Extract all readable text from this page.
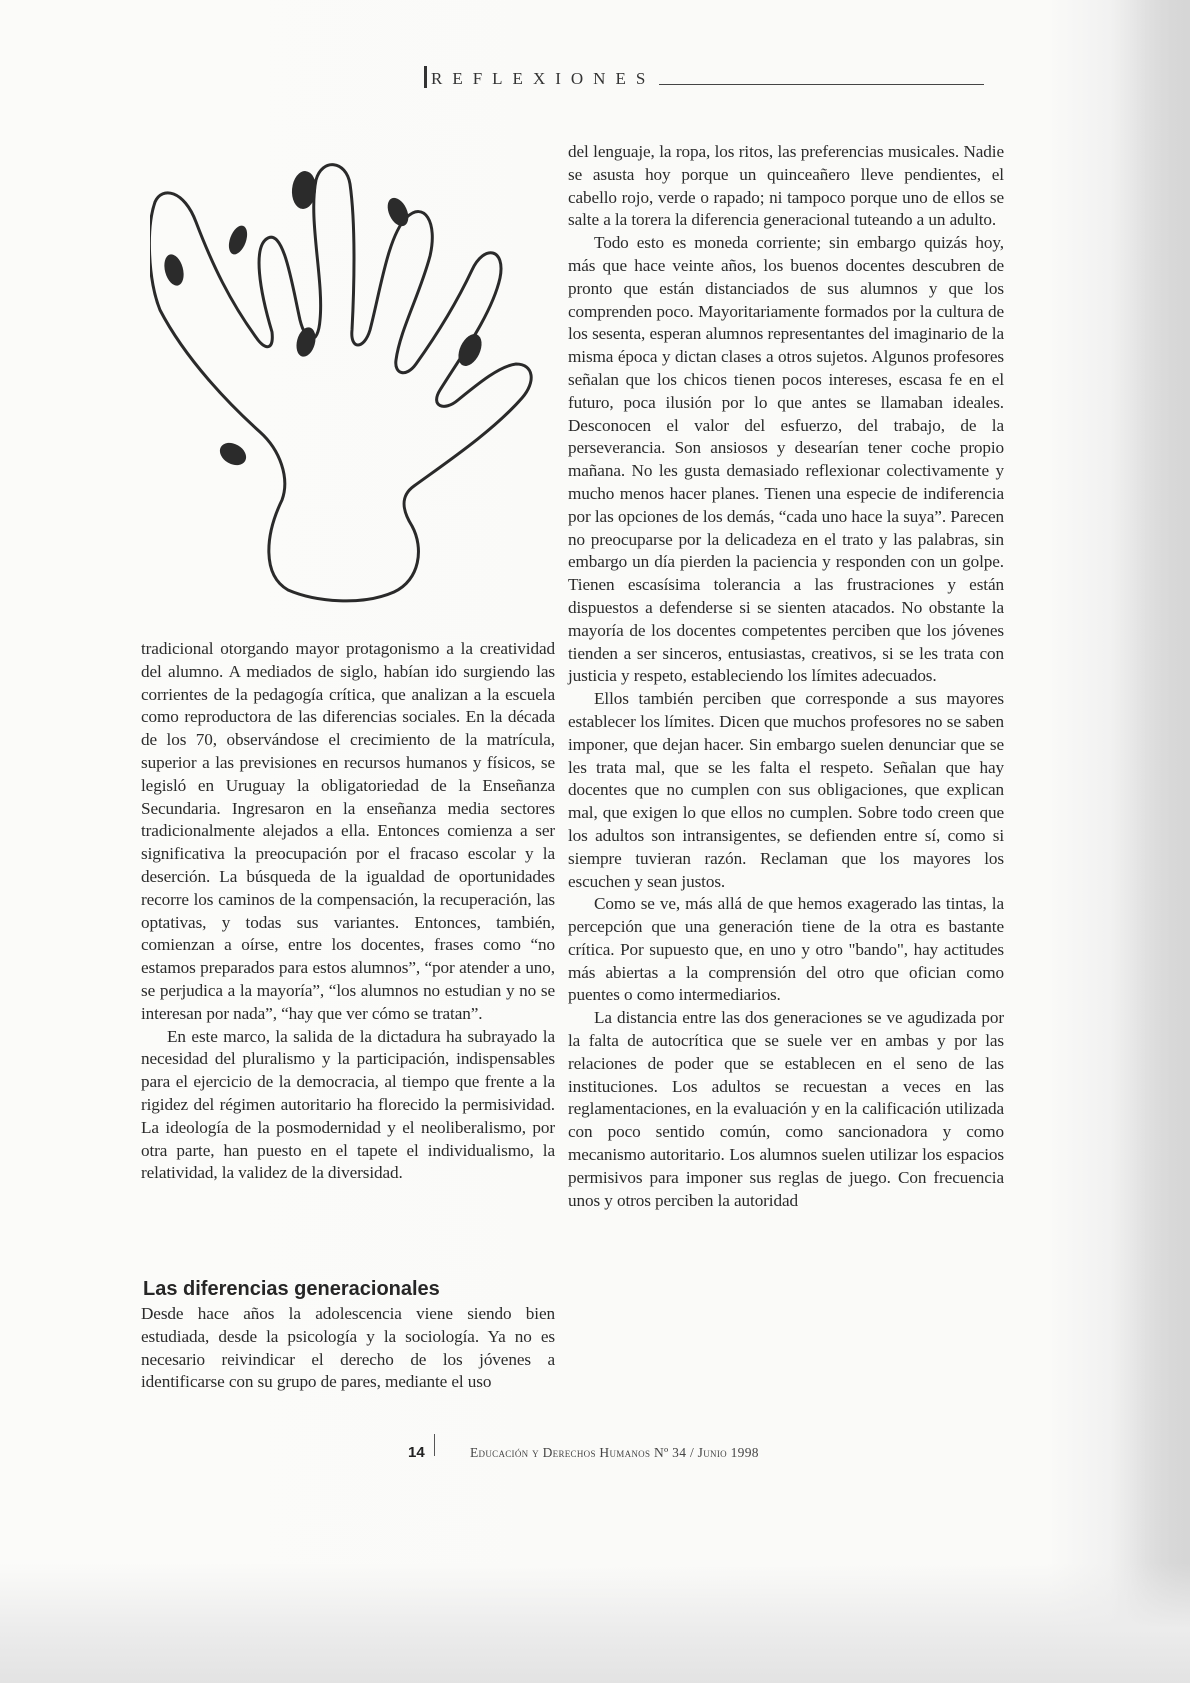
REFLEXIONES

tradicional otorgando mayor protagonismo a la creatividad del alumno. A mediados de siglo, habían ido surgiendo las corrientes de la pedagogía crítica, que analizan a la escuela como reproductora de las diferencias sociales. En la década de los 70, observándose el crecimiento de la matrícula, superior a las previsiones en recursos humanos y físicos, se legisló en Uruguay la obligatoriedad de la Enseñanza Secundaria. Ingresaron en la enseñanza media sectores tradicionalmente alejados a ella. Entonces comienza a ser significativa la preocupación por el fracaso escolar y la deserción. La búsqueda de la igualdad de oportunidades recorre los caminos de la compensación, la recuperación, las optativas, y todas sus variantes. Entonces, también, comienzan a oírse, entre los docentes, frases como “no estamos preparados para estos alumnos”, “por atender a uno, se perjudica a la mayoría”, “los alumnos no estudian y no se interesan por nada”, “hay que ver cómo se tratan”.

En este marco, la salida de la dictadura ha subrayado la necesidad del pluralismo y la participación, indispensables para el ejercicio de la democracia, al tiempo que frente a la rigidez del régimen autoritario ha florecido la permisividad. La ideología de la posmodernidad y el neoliberalismo, por otra parte, han puesto en el tapete el individualismo, la relatividad, la validez de la diversidad.

Las diferencias generacionales

Desde hace años la adolescencia viene siendo bien estudiada, desde la psicología y la sociología. Ya no es necesario reivindicar el derecho de los jóvenes a identificarse con su grupo de pares, mediante el uso

del lenguaje, la ropa, los ritos, las preferencias musicales. Nadie se asusta hoy porque un quinceañero lleve pendientes, el cabello rojo, verde o rapado; ni tampoco porque uno de ellos se salte a la torera la diferencia generacional tuteando a un adulto.

Todo esto es moneda corriente; sin embargo quizás hoy, más que hace veinte años, los buenos docentes descubren de pronto que están distanciados de sus alumnos y que los comprenden poco. Mayoritariamente formados por la cultura de los sesenta, esperan alumnos representantes del imaginario de la misma época y dictan clases a otros sujetos. Algunos profesores señalan que los chicos tienen pocos intereses, escasa fe en el futuro, poca ilusión por lo que antes se llamaban ideales. Desconocen el valor del esfuerzo, del trabajo, de la perseverancia. Son ansiosos y desearían tener coche propio mañana. No les gusta demasiado reflexionar colectivamente y mucho menos hacer planes. Tienen una especie de indiferencia por las opciones de los demás, “cada uno hace la suya”. Parecen no preocuparse por la delicadeza en el trato y las palabras, sin embargo un día pierden la paciencia y responden con un golpe. Tienen escasísima tolerancia a las frustraciones y están dispuestos a defenderse si se sienten atacados. No obstante la mayoría de los docentes competentes perciben que los jóvenes tienden a ser sinceros, entusiastas, creativos, si se les trata con justicia y respeto, estableciendo los límites adecuados.

Ellos también perciben que corresponde a sus mayores establecer los límites. Dicen que muchos profesores no se saben imponer, que dejan hacer. Sin embargo suelen denunciar que se les trata mal, que se les falta el respeto. Señalan que hay docentes que no cumplen con sus obligaciones, que explican mal, que exigen lo que ellos no cumplen. Sobre todo creen que los adultos son intransigentes, se defienden entre sí, como si siempre tuvieran razón. Reclaman que los mayores los escuchen y sean justos.

Como se ve, más allá de que hemos exagerado las tintas, la percepción que una generación tiene de la otra es bastante crítica. Por supuesto que, en uno y otro "bando", hay actitudes más abiertas a la comprensión del otro que ofician como puentes o como intermediarios.

La distancia entre las dos generaciones se ve agudizada por la falta de autocrítica que se suele ver en ambas y por las relaciones de poder que se establecen en el seno de las instituciones. Los adultos se recuestan a veces en las reglamentaciones, en la evaluación y en la calificación utilizada con poco sentido común, como sancionadora y como mecanismo autoritario. Los alumnos suelen utilizar los espacios permisivos para imponer sus reglas de juego. Con frecuencia unos y otros perciben la autoridad

14	Educación y Derechos Humanos Nº 34 / Junio 1998
